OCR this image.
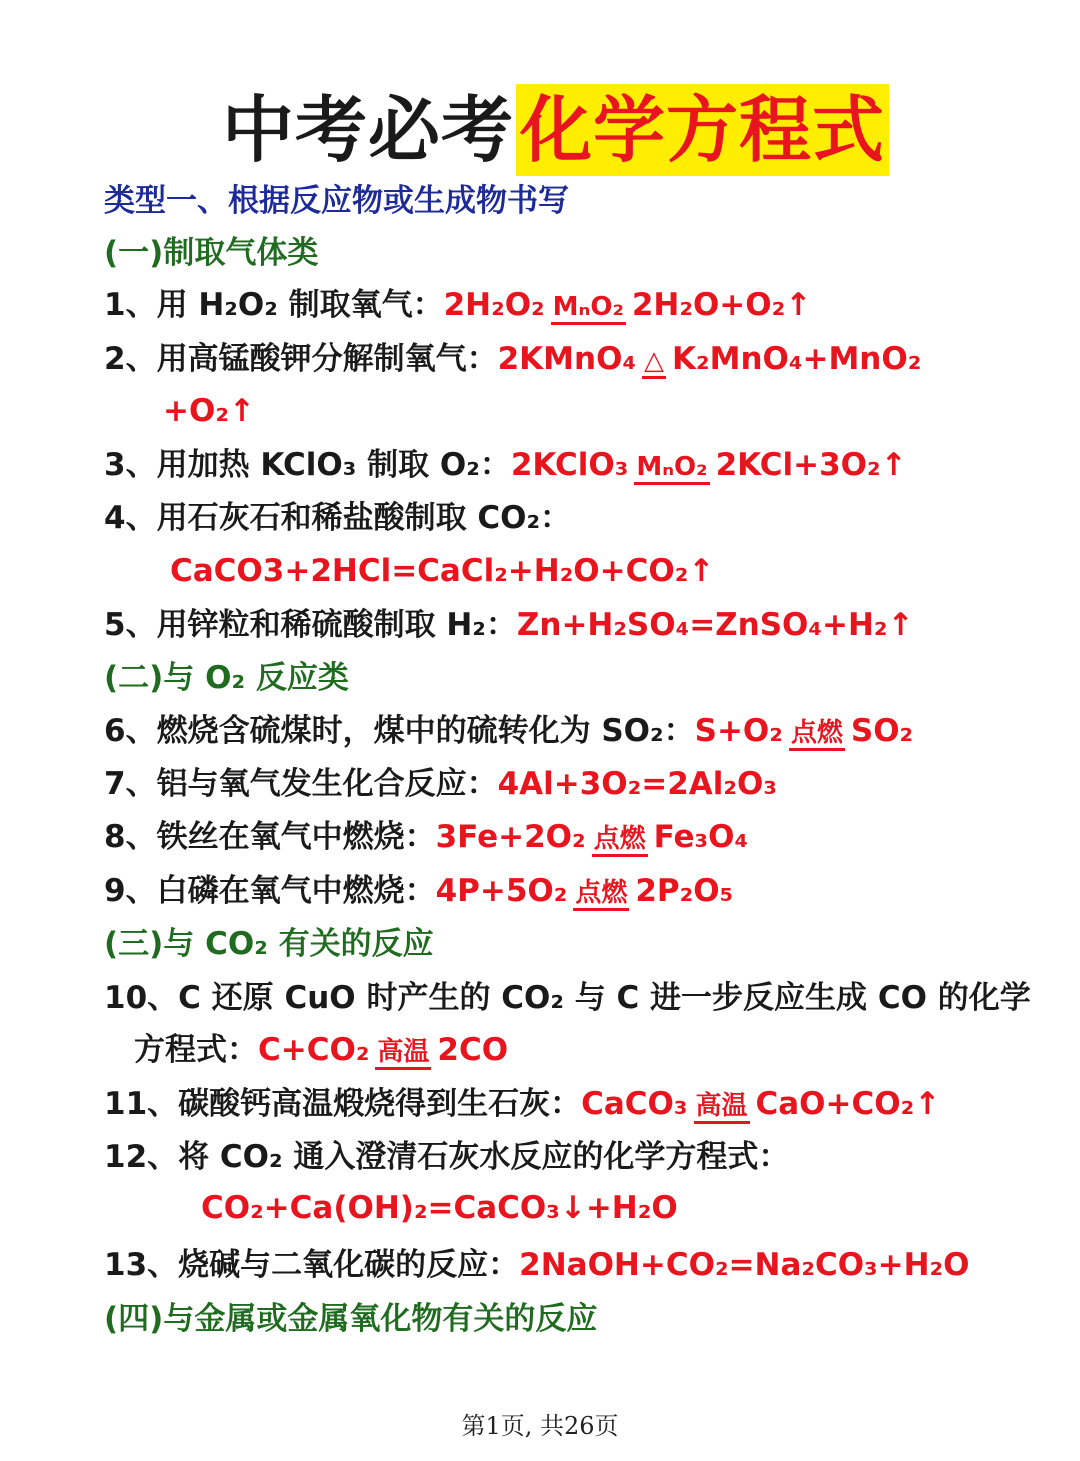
中考必考 化学方程式
类型一、根据反应物或生成物书写
(一)制取气体类
1、用 H₂O₂ 制取氧气：2H₂O₂ MₙO₂ 2H₂O+O₂↑
2、用高锰酸钾分解制氧气：2KMnO₄ △ K₂MnO₄+MnO₂
+O₂↑
3、用加热 KClO₃ 制取 O₂：2KClO₃ MₙO₂ 2KCl+3O₂↑
4、用石灰石和稀盐酸制取 CO₂：
CaCO3+2HCl=CaCl₂+H₂O+CO₂↑
5、用锌粒和稀硫酸制取 H₂：Zn+H₂SO₄=ZnSO₄+H₂↑
(二)与 O₂ 反应类
6、燃烧含硫煤时，煤中的硫转化为 SO₂：S+O₂ 点燃 SO₂
7、铝与氧气发生化合反应：4Al+3O₂=2Al₂O₃
8、铁丝在氧气中燃烧：3Fe+2O₂ 点燃 Fe₃O₄
9、白磷在氧气中燃烧：4P+5O₂ 点燃 2P₂O₅
(三)与 CO₂ 有关的反应
10、C 还原 CuO 时产生的 CO₂ 与 C 进一步反应生成 CO 的化学
方程式：C+CO₂ 高温 2CO
11、碳酸钙高温煅烧得到生石灰：CaCO₃ 高温 CaO+CO₂↑
12、将 CO₂ 通入澄清石灰水反应的化学方程式：
CO₂+Ca(OH)₂=CaCO₃↓+H₂O
13、烧碱与二氧化碳的反应：2NaOH+CO₂=Na₂CO₃+H₂O
(四)与金属或金属氧化物有关的反应
第1页, 共26页
